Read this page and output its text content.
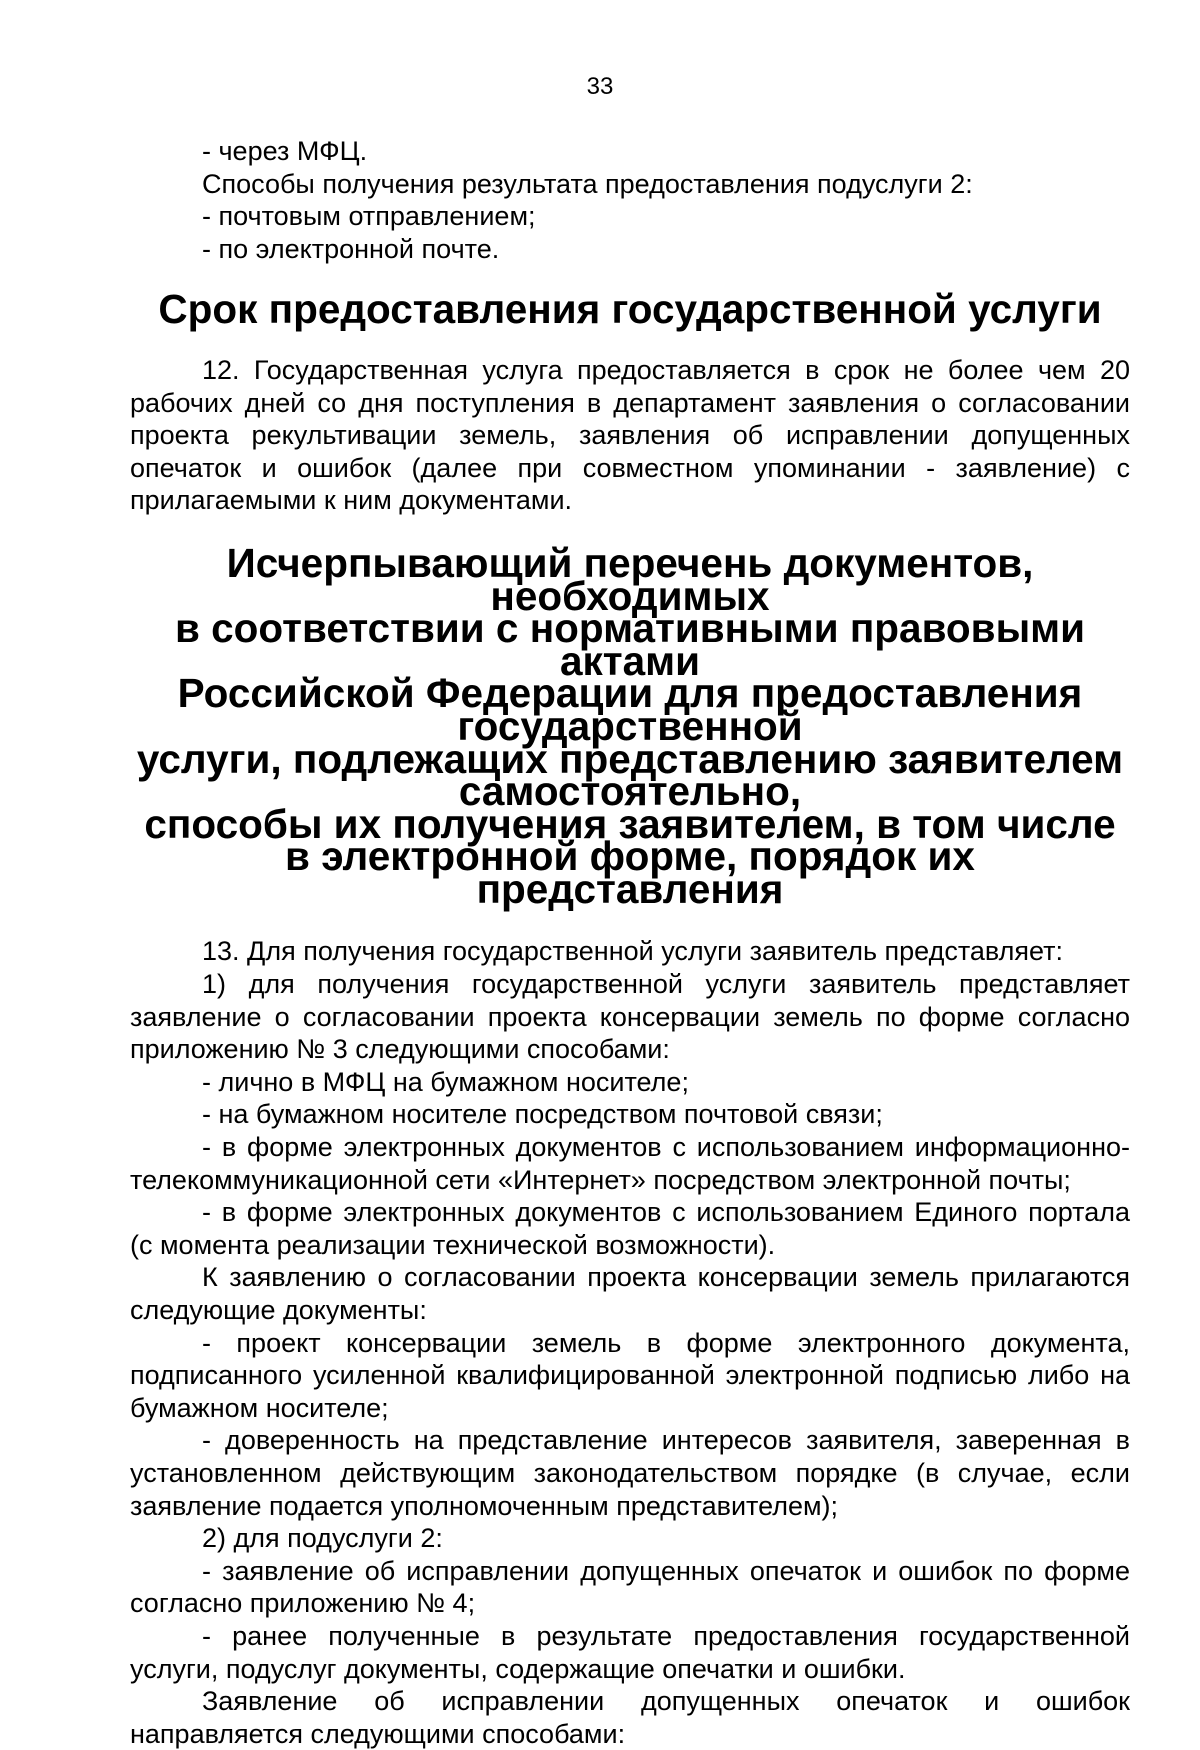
33

- через МФЦ.

Способы получения результата предоставления подуслуги 2:

- почтовым отправлением;

- по электронной почте.

Срок предоставления государственной услуги

12. Государственная услуга предоставляется в срок не более чем 20 рабочих дней со дня поступления в департамент заявления о согласовании проекта рекультивации земель, заявления об исправлении допущенных опечаток и ошибок (далее при совместном упоминании - заявление) с прилагаемыми к ним документами.

Исчерпывающий перечень документов, необходимых
в соответствии с нормативными правовыми актами
Российской Федерации для предоставления государственной
услуги, подлежащих представлению заявителем самостоятельно,
способы их получения заявителем, в том числе
в электронной форме, порядок их представления

13. Для получения государственной услуги заявитель представляет:

1) для получения государственной услуги заявитель представляет заявление о согласовании проекта консервации земель по форме согласно приложению № 3 следующими способами:

- лично в МФЦ на бумажном носителе;

- на бумажном носителе посредством почтовой связи;

- в форме электронных документов с использованием информационно-телекоммуникационной сети «Интернет» посредством электронной почты;

- в форме электронных документов с использованием Единого портала (с момента реализации технической возможности).

К заявлению о согласовании проекта консервации земель прилагаются следующие документы:

- проект консервации земель в форме электронного документа, подписанного усиленной квалифицированной электронной подписью либо на бумажном носителе;

- доверенность на представление интересов заявителя, заверенная в установленном действующим законодательством порядке (в случае, если заявление подается уполномоченным представителем);

2) для подуслуги 2:

- заявление об исправлении допущенных опечаток и ошибок по форме согласно приложению № 4;

- ранее полученные в результате предоставления государственной услуги, подуслуг документы, содержащие опечатки и ошибки.

Заявление об исправлении допущенных опечаток и ошибок направляется следующими способами:
